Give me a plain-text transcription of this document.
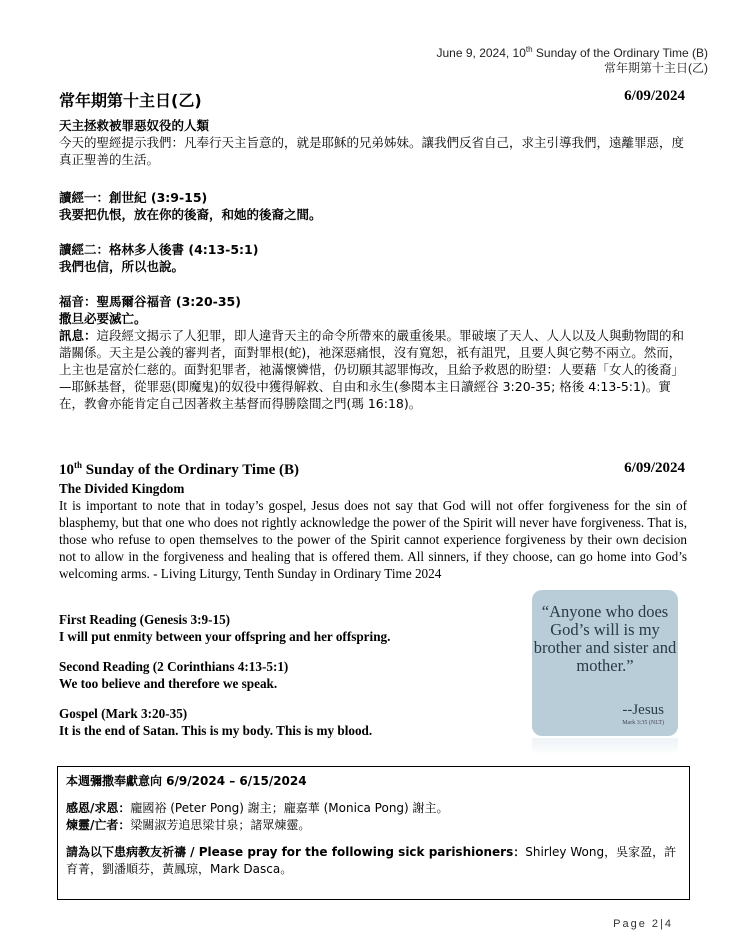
June 9, 2024, 10th Sunday of the Ordinary Time (B)
常年期第十主日(乙)
常年期第十主日(乙)	6/09/2024
天主拯救被罪惡奴役的人類
今天的聖經提示我們：凡奉行天主旨意的，就是耶穌的兄弟姊妹。讓我們反省自己，求主引導我們，遠離罪惡，度真正聖善的生活。
讀經一：創世紀 (3:9-15)
我要把仇恨，放在你的後裔，和她的後裔之間。
讀經二：格林多人後書 (4:13-5:1)
我們也信，所以也說。
福音：聖馬爾谷福音 (3:20-35)
撒旦必要滅亡。
訊息：這段經文揭示了人犯罪，即人違背天主的命令所帶來的嚴重後果。罪破壞了天人、人人以及人與動物間的和諧關係。天主是公義的審判者，面對罪根(蛇)，祂深惡痛恨，沒有寬恕，祇有詛咒，且要人與它勢不兩立。然而，上主也是富於仁慈的。面對犯罪者，祂滿懷憐惜，仍切願其認罪悔改，且給予救恩的盼望：人要藉「女人的後裔」—耶穌基督，從罪惡(即魔鬼)的奴役中獲得解救、自由和永生(參閱本主日讀經谷 3:20-35; 格後 4:13-5:1)。實在，教會亦能肯定自己因著救主基督而得勝陰間之門(瑪 16:18)。
10th Sunday of the Ordinary Time (B)	6/09/2024
The Divided Kingdom
It is important to note that in today’s gospel, Jesus does not say that God will not offer forgiveness for the sin of blasphemy, but that one who does not rightly acknowledge the power of the Spirit will never have forgiveness. That is, those who refuse to open themselves to the power of the Spirit cannot experience forgiveness by their own decision not to allow in the forgiveness and healing that is offered them. All sinners, if they choose, can go home into God’s welcoming arms. - Living Liturgy, Tenth Sunday in Ordinary Time 2024

First Reading (Genesis 3:9-15)
I will put enmity between your offspring and her offspring.

Second Reading (2 Corinthians 4:13-5:1)
We too believe and therefore we speak.

Gospel (Mark 3:20-35)
It is the end of Satan. This is my body. This is my blood.

“Anyone who does God’s will is my brother and sister and mother.”
--Jesus
Mark 3:35 (NLT)

本週彌撒奉獻意向 6/9/2024 – 6/15/2024

感恩/求恩：龐國裕 (Peter Pong) 謝主；龐嘉華 (Monica Pong) 謝主。

煉靈/亡者：梁關淑芳追思梁甘泉；諸眾煉靈。

請為以下患病教友祈禱 / Please pray for the following sick parishioners：Shirley Wong，吳家盈，許育菁，劉潘順芬，黃鳳琼，Mark Dasca。

Page 2|4
